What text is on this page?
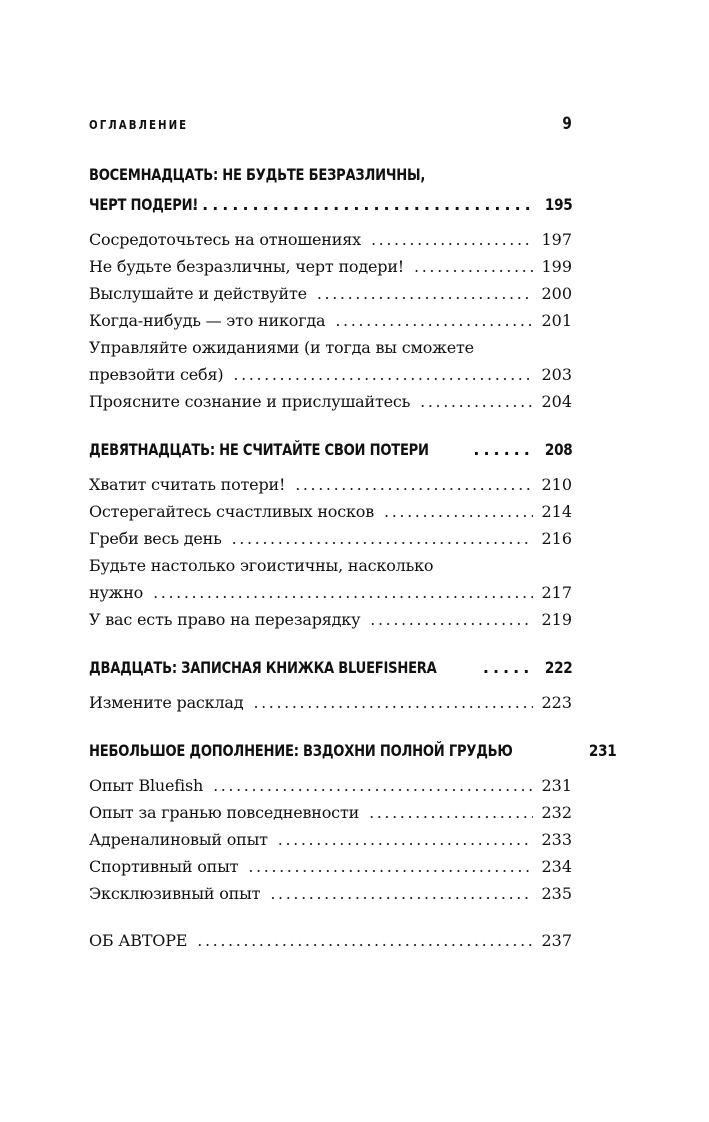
ОГЛАВЛЕНИЕ	9
ВОСЕМНАДЦАТЬ: НЕ БУДЬТЕ БЕЗРАЗЛИЧНЫ,
ЧЕРТ ПОДЕРИ! .....	195
Сосредоточьтесь на отношениях .....	197
Не будьте безразличны, черт подери! .....	199
Выслушайте и действуйте .....	200
Когда-нибудь — это никогда .....	201
Управляйте ожиданиями (и тогда вы сможете
превзойти себя) .....	203
Проясните сознание и прислушайтесь .....	204
ДЕВЯТНАДЦАТЬ: НЕ СЧИТАЙТЕ СВОИ ПОТЕРИ .....	208
Хватит считать потери! .....	210
Остерегайтесь счастливых носков .....	214
Греби весь день .....	216
Будьте настолько эгоистичны, насколько
нужно .....	217
У вас есть право на перезарядку .....	219
ДВАДЦАТЬ: ЗАПИСНАЯ КНИЖКА BLUEFISHERA .....	222
Измените расклад .....	223
НЕБОЛЬШОЕ ДОПОЛНЕНИЕ: ВЗДОХНИ ПОЛНОЙ ГРУДЬЮ	231
Опыт Bluefish .....	231
Опыт за гранью повседневности .....	232
Адреналиновый опыт .....	233
Спортивный опыт .....	234
Эксклюзивный опыт .....	235
ОБ АВТОРЕ .....	237
